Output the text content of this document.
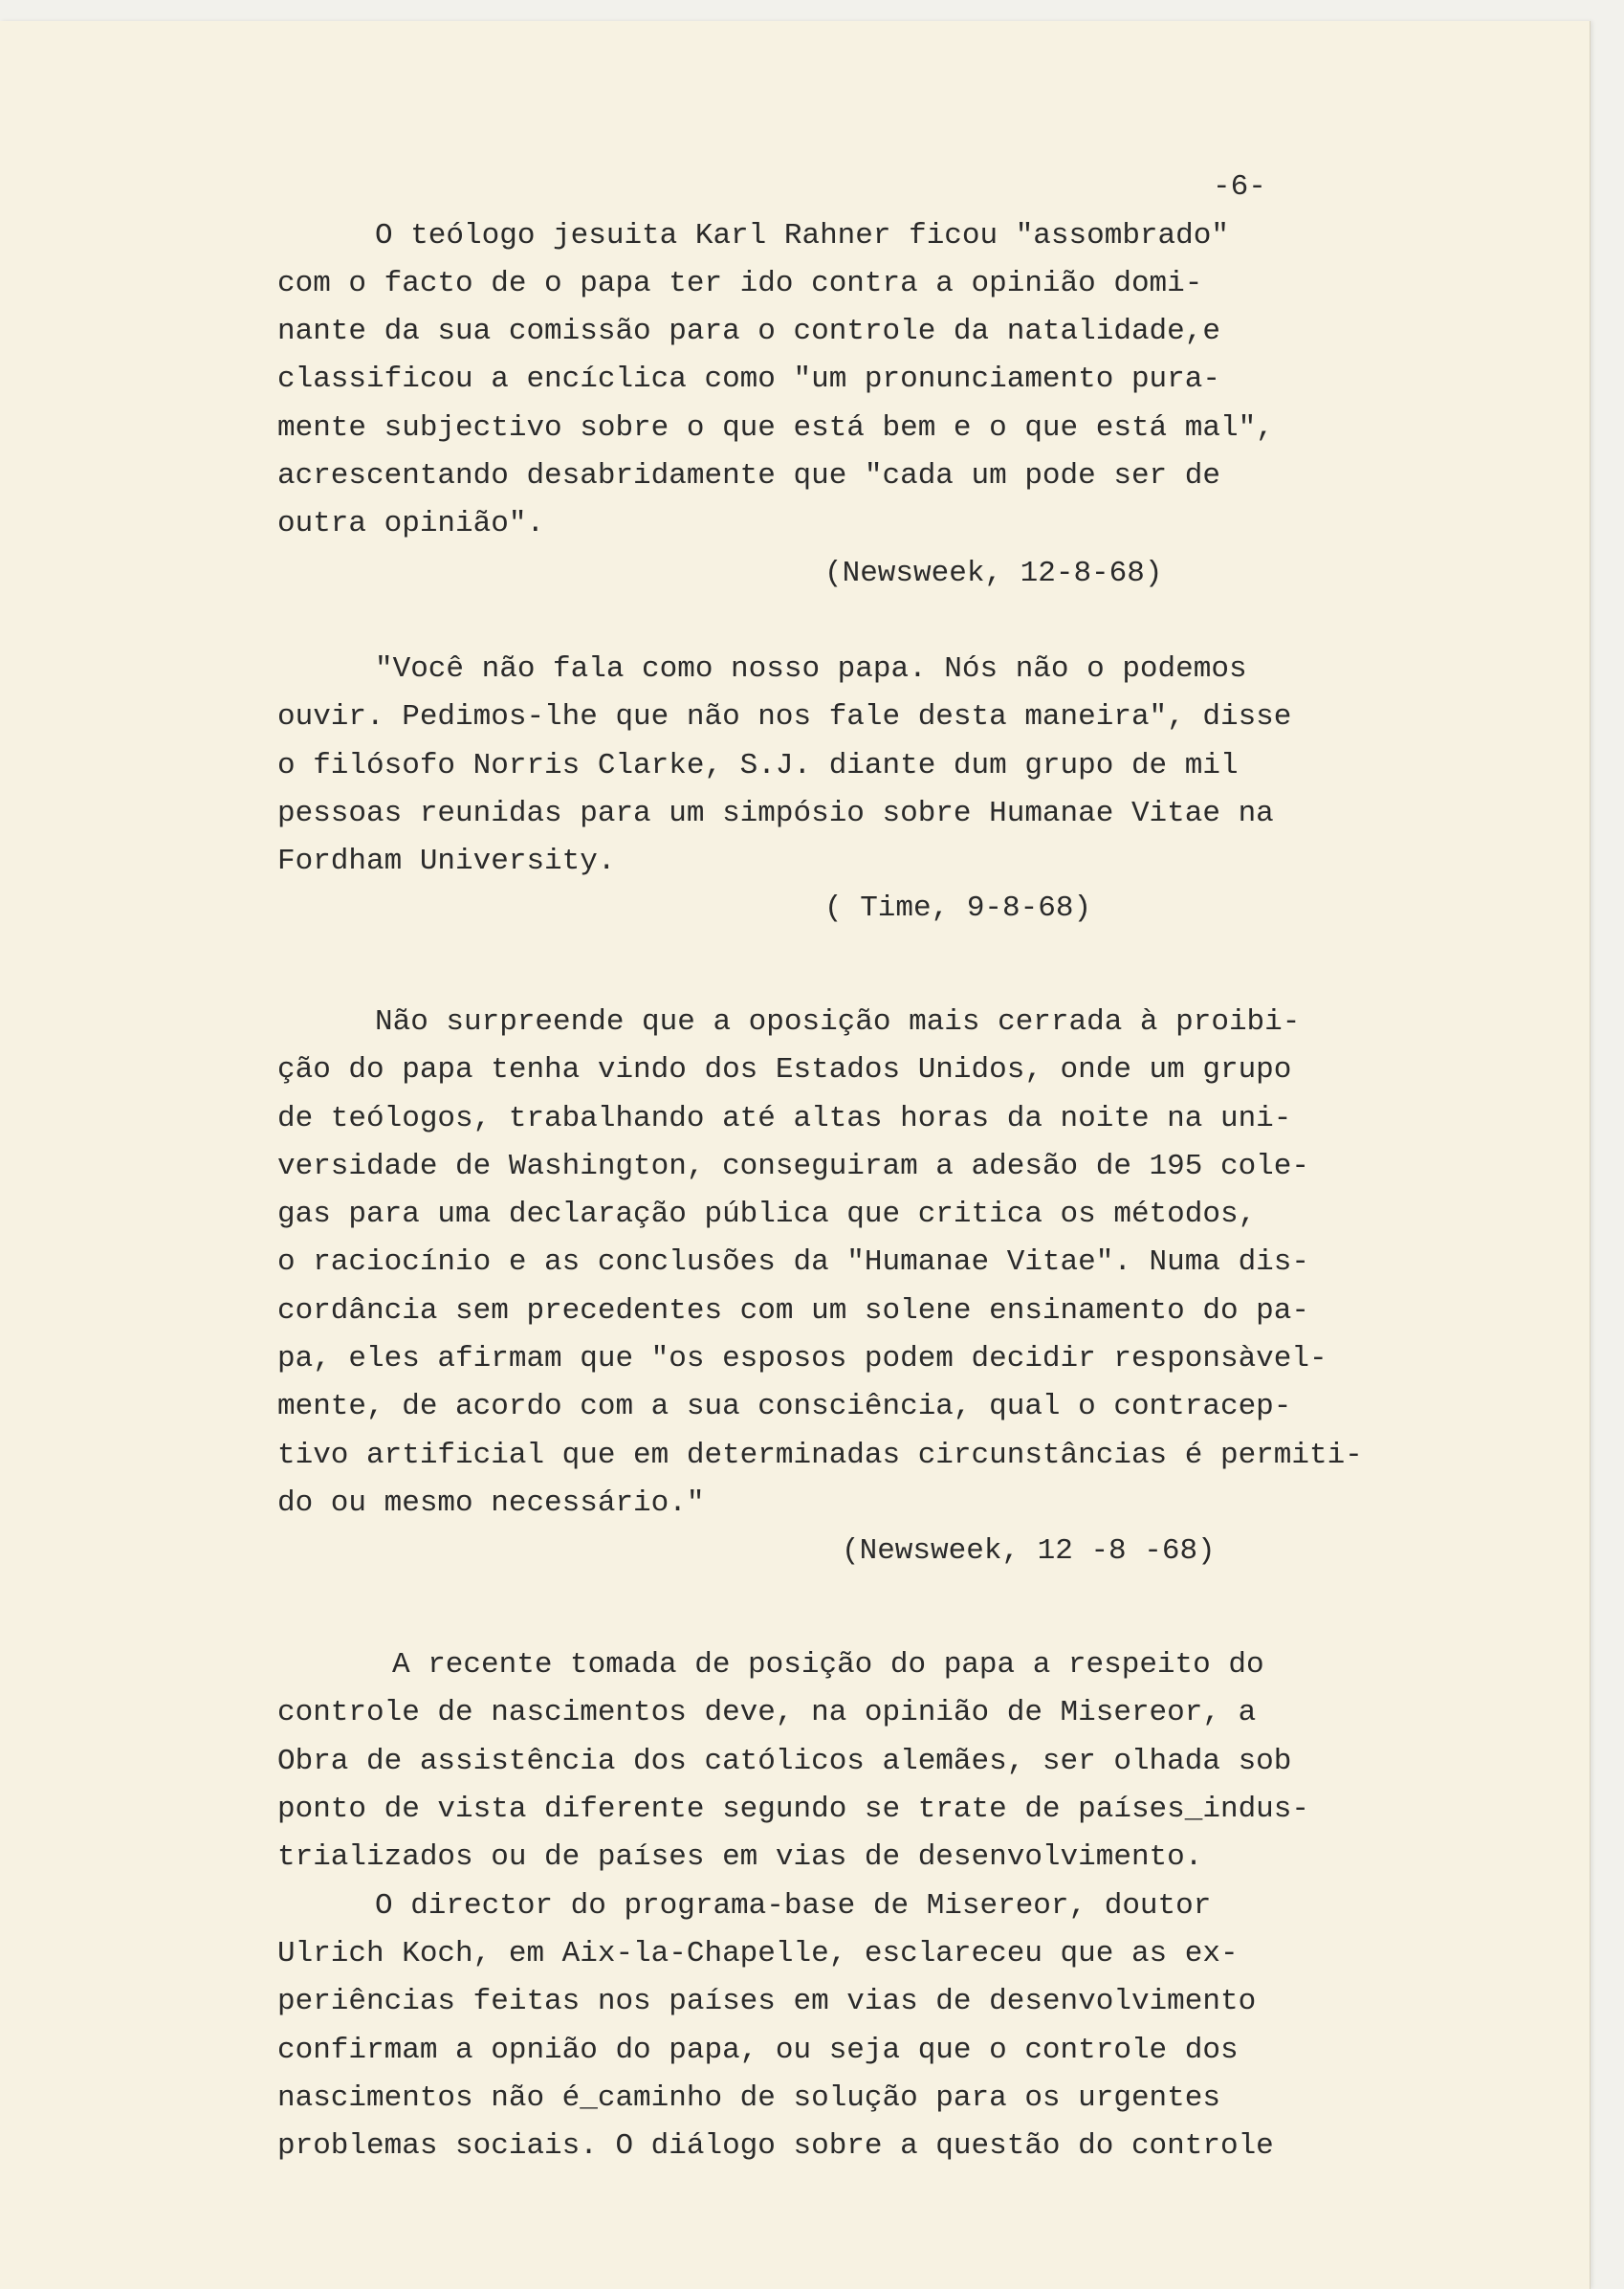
-6-

O teólogo jesuita Karl Rahner ficou "assombrado"

com o facto de o papa ter ido contra a opinião domi-

nante da sua comissão para o controle da natalidade,e

classificou a encíclica como "um pronunciamento pura-

mente subjectivo sobre o que está bem e o que está mal",

acrescentando desabridamente que "cada um pode ser de

outra opinião".

(Newsweek, 12-8-68)

"Você não fala como nosso papa. Nós não o podemos

ouvir. Pedimos-lhe que não nos fale desta maneira", disse

o filósofo Norris Clarke, S.J. diante dum grupo de mil

pessoas reunidas para um simpósio sobre Humanae Vitae na

Fordham University.

( Time, 9-8-68)

Não surpreende que a oposição mais cerrada à proibi-

ção do papa tenha vindo dos Estados Unidos, onde um grupo

de teólogos, trabalhando até altas horas da noite na uni-

versidade de Washington, conseguiram a adesão de 195 cole-

gas para uma declaração pública que critica os métodos,

o raciocínio e as conclusões da "Humanae Vitae". Numa dis-

cordância sem precedentes com um solene ensinamento do pa-

pa, eles afirmam que "os esposos podem decidir responsàvel-

mente, de acordo com a sua consciência, qual o contracep-

tivo artificial que em determinadas circunstâncias é permiti-

do ou mesmo necessário."

(Newsweek, 12 -8 -68)

A recente tomada de posição do papa a respeito do

controle de nascimentos deve, na opinião de Misereor, a

Obra de assistência dos católicos alemães, ser olhada sob

ponto de vista diferente segundo se trate de países_indus-

trializados ou de países em vias de desenvolvimento.

O director do programa-base de Misereor, doutor

Ulrich Koch, em Aix-la-Chapelle, esclareceu que as ex-

periências feitas nos países em vias de desenvolvimento

confirmam a opnião do papa, ou seja que o controle dos

nascimentos não é_caminho de solução para os urgentes

problemas sociais. O diálogo sobre a questão do controle
